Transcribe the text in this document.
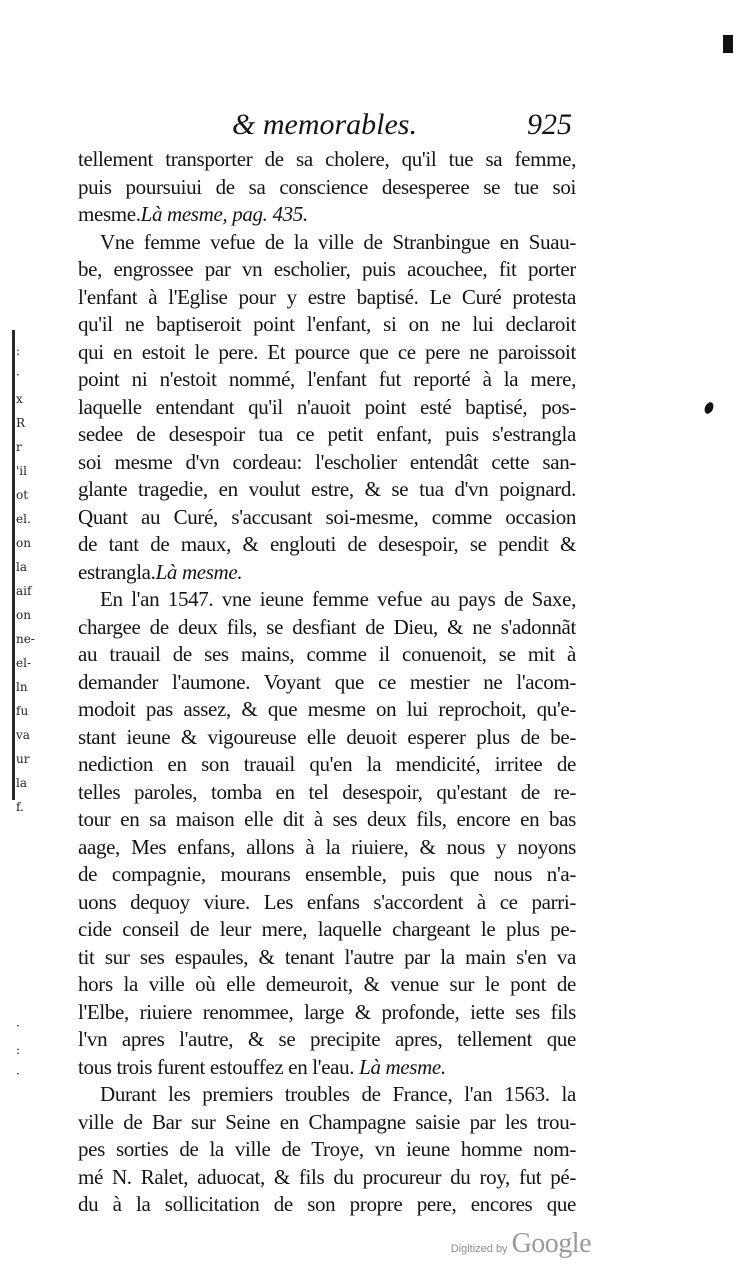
:
·
x
R
r
'il
ot
el.
on
la
aif
on
ne-
el-
ln
fu
va
ur
la
f.
·
:
·
& memorables.	925
tellement transporter de sa cholere, qu'il tue sa femme,
puis poursuiui de sa conscience desesperee se tue soi
mesme.Là mesme, pag. 435.
Vne femme vefue de la ville de Stranbingue en Suau-
be, engrossee par vn escholier, puis acouchee, fit porter
l'enfant à l'Eglise pour y estre baptisé. Le Curé protesta
qu'il ne baptiseroit point l'enfant, si on ne lui declaroit
qui en estoit le pere. Et pource que ce pere ne paroissoit
point ni n'estoit nommé, l'enfant fut reporté à la mere,
laquelle entendant qu'il n'auoit point esté baptisé, pos-
sedee de desespoir tua ce petit enfant, puis s'estrangla
soi mesme d'vn cordeau: l'escholier entendât cette san-
glante tragedie, en voulut estre, & se tua d'vn poignard.
Quant au Curé, s'accusant soi-mesme, comme occasion
de tant de maux, & englouti de desespoir, se pendit &
estrangla.Là mesme.
En l'an 1547. vne ieune femme vefue au pays de Saxe,
chargee de deux fils, se desfiant de Dieu, & ne s'adonnãt
au trauail de ses mains, comme il conuenoit, se mit à
demander l'aumone. Voyant que ce mestier ne l'acom-
modoit pas assez, & que mesme on lui reprochoit, qu'e-
stant ieune & vigoureuse elle deuoit esperer plus de be-
nediction en son trauail qu'en la mendicité, irritee de
telles paroles, tomba en tel desespoir, qu'estant de re-
tour en sa maison elle dit à ses deux fils, encore en bas
aage, Mes enfans, allons à la riuiere, & nous y noyons
de compagnie, mourans ensemble, puis que nous n'a-
uons dequoy viure. Les enfans s'accordent à ce parri-
cide conseil de leur mere, laquelle chargeant le plus pe-
tit sur ses espaules, & tenant l'autre par la main s'en va
hors la ville où elle demeuroit, & venue sur le pont de
l'Elbe, riuiere renommee, large & profonde, iette ses fils
l'vn apres l'autre, & se precipite apres, tellement que
tous trois furent estouffez en l'eau. Là mesme.
Durant les premiers troubles de France, l'an 1563. la
ville de Bar sur Seine en Champagne saisie par les trou-
pes sorties de la ville de Troye, vn ieune homme nom-
mé N. Ralet, aduocat, & fils du procureur du roy, fut pé-
du à la sollicitation de son propre pere, encores que
Digitized by Google
